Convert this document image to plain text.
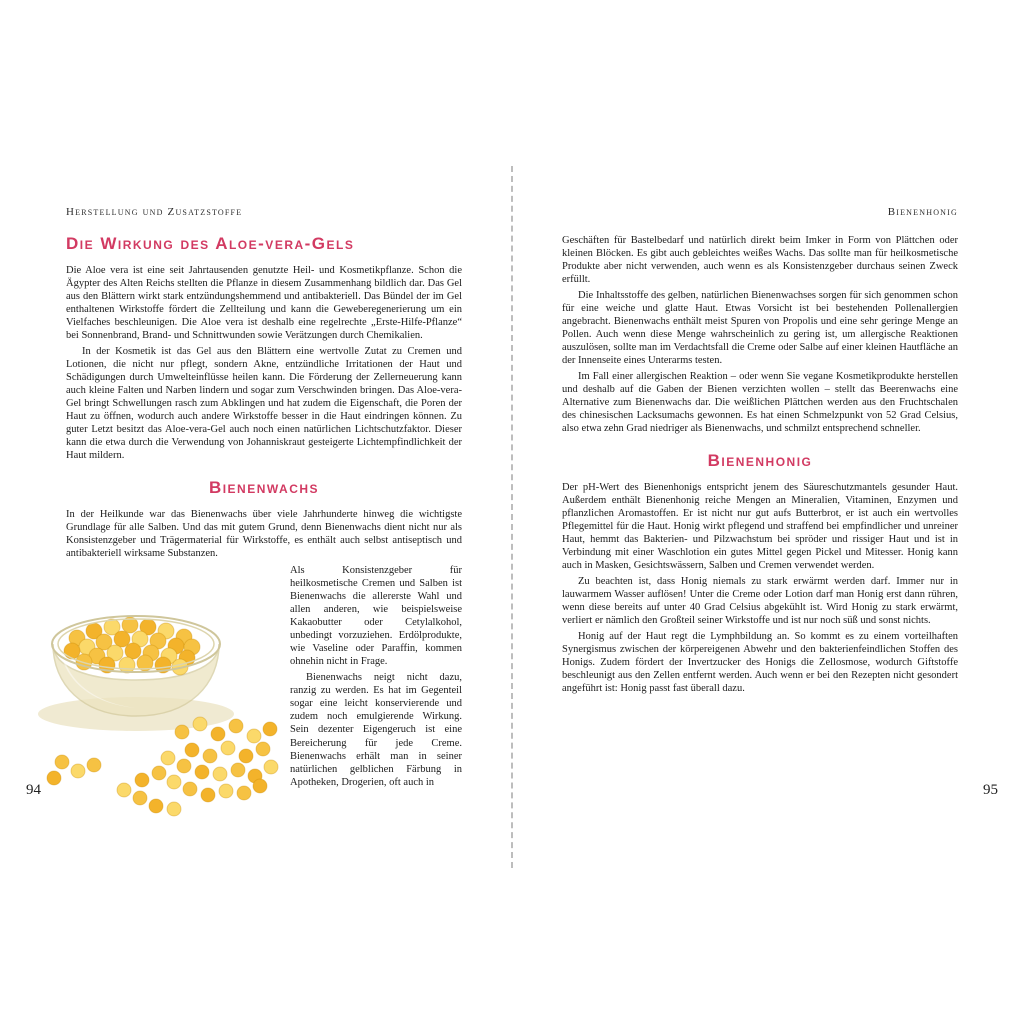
Herstellung und Zusatzstoffe
Die Wirkung des Aloe-vera-Gels

Die Aloe vera ist eine seit Jahrtausenden genutzte Heil- und Kosmetikpflanze. Schon die Ägypter des Alten Reichs stellten die Pflanze in diesem Zusammenhang bildlich dar. Das Gel aus den Blättern wirkt stark entzündungshemmend und antibakteriell. Das Bündel der im Gel enthaltenen Wirkstoffe fördert die Zellteilung und kann die Geweberegenerierung um ein Vielfaches beschleunigen. Die Aloe vera ist deshalb eine regelrechte „Erste-Hilfe-Pflanze“ bei Sonnenbrand, Brand- und Schnittwunden sowie Verätzungen durch Chemikalien.

In der Kosmetik ist das Gel aus den Blättern eine wertvolle Zutat zu Cremen und Lotionen, die nicht nur pflegt, sondern Akne, entzündliche Irritationen der Haut und Schädigungen durch Umwelteinflüsse heilen kann. Die Förderung der Zellerneuerung kann auch kleine Falten und Narben lindern und sogar zum Verschwinden bringen. Das Aloe-vera-Gel bringt Schwellungen rasch zum Abklingen und hat zudem die Eigenschaft, die Poren der Haut zu öffnen, wodurch auch andere Wirkstoffe besser in die Haut eindringen können. Zu guter Letzt besitzt das Aloe-vera-Gel auch noch einen natürlichen Lichtschutzfaktor. Dieser kann die etwa durch die Verwendung von Johanniskraut gesteigerte Lichtempfindlichkeit der Haut mildern.

Bienenwachs

In der Heilkunde war das Bienenwachs über viele Jahrhunderte hinweg die wichtigste Grundlage für alle Salben. Und das mit gutem Grund, denn Bienenwachs dient nicht nur als Konsistenzgeber und Trägermaterial für Wirkstoffe, es enthält auch selbst antiseptisch und antibakteriell wirksame Substanzen.

Als Konsistenzgeber für heilkosmetische Cremen und Salben ist Bienenwachs die allererste Wahl und allen anderen, wie beispielsweise Kakaobutter oder Cetylalkohol, unbedingt vorzuziehen. Erdölprodukte, wie Vaseline oder Paraffin, kommen ohnehin nicht in Frage.

Bienenwachs neigt nicht dazu, ranzig zu werden. Es hat im Gegenteil sogar eine leicht konservierende und zudem noch emulgierende Wirkung. Sein dezenter Eigengeruch ist eine Bereicherung für jede Creme. Bienenwachs erhält man in seiner natürlichen gelblichen Färbung in Apotheken, Drogerien, oft auch in

Bienenhonig

Geschäften für Bastelbedarf und natürlich direkt beim Imker in Form von Plättchen oder kleinen Blöcken. Es gibt auch gebleichtes weißes Wachs. Das sollte man für heilkosmetische Produkte aber nicht verwenden, auch wenn es als Konsistenzgeber durchaus seinen Zweck erfüllt.

Die Inhaltsstoffe des gelben, natürlichen Bienenwachses sorgen für sich genommen schon für eine weiche und glatte Haut. Etwas Vorsicht ist bei bestehenden Pollenallergien angebracht. Bienenwachs enthält meist Spuren von Propolis und eine sehr geringe Menge an Pollen. Auch wenn diese Menge wahrscheinlich zu gering ist, um allergische Reaktionen auszulösen, sollte man im Verdachtsfall die Creme oder Salbe auf einer kleinen Hautfläche an der Innenseite eines Unterarms testen.

Im Fall einer allergischen Reaktion – oder wenn Sie vegane Kosmetikprodukte herstellen und deshalb auf die Gaben der Bienen verzichten wollen – stellt das Beerenwachs eine Alternative zum Bienenwachs dar. Die weißlichen Plättchen werden aus den Fruchtschalen des chinesischen Lacksumachs gewonnen. Es hat einen Schmelzpunkt von 52 Grad Celsius, also etwa zehn Grad niedriger als Bienenwachs, und schmilzt entsprechend schneller.

Bienenhonig

Der pH-Wert des Bienenhonigs entspricht jenem des Säureschutzmantels gesunder Haut. Außerdem enthält Bienenhonig reiche Mengen an Mineralien, Vitaminen, Enzymen und pflanzlichen Aromastoffen. Er ist nicht nur gut aufs Butterbrot, er ist auch ein wertvolles Pflegemittel für die Haut. Honig wirkt pflegend und straffend bei empfindlicher und unreiner Haut, hemmt das Bakterien- und Pilzwachstum bei spröder und rissiger Haut und ist in Verbindung mit einer Waschlotion ein gutes Mittel gegen Pickel und Mitesser. Honig kann auch in Masken, Gesichtswässern, Salben und Cremen verwendet werden.

Zu beachten ist, dass Honig niemals zu stark erwärmt werden darf. Immer nur in lauwarmem Wasser auflösen! Unter die Creme oder Lotion darf man Honig erst dann rühren, wenn diese bereits auf unter 40 Grad Celsius abgekühlt ist. Wird Honig zu stark erwärmt, verliert er nämlich den Großteil seiner Wirkstoffe und ist nur noch süß und sonst nichts.

Honig auf der Haut regt die Lymphbildung an. So kommt es zu einem vorteilhaften Synergismus zwischen der körpereigenen Abwehr und den bakterienfeindlichen Stoffen des Honigs. Zudem fördert der Invertzucker des Honigs die Zellosmose, wodurch Giftstoffe beschleunigt aus den Zellen entfernt werden. Auch wenn er bei den Rezepten nicht gesondert angeführt ist: Honig passt fast überall dazu.

94	95
